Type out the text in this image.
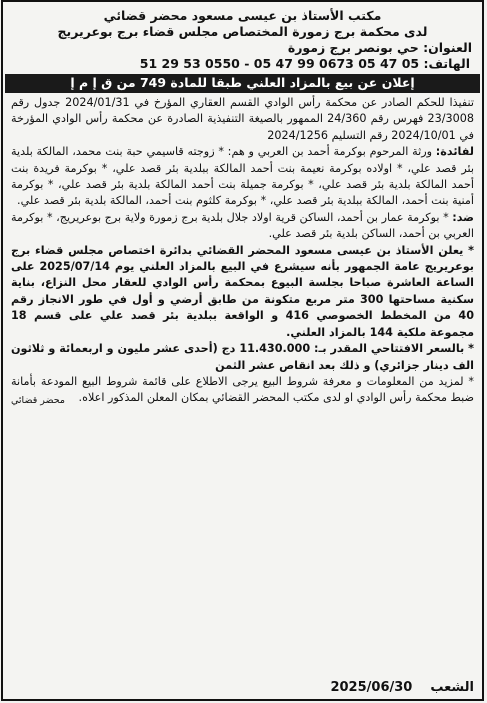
مكتب الأستاذ بن عيسى مسعود محضر قضائي
لدى محكمة برج زمورة المختصاص مجلس قضاء برج بوعريريج
العنوان: حي بونصر برج زمورة
الهاتف: 05 47 05 0673 99 47 05 - 0550 53 29 51
إعلان عن بيع بالمزاد العلني طبقا للمادة 749 من ق إ م إ

تنفيذا للحكم الصادر عن محكمة رأس الوادي القسم العقاري المؤرخ في 2024/01/31 جدول رقم 23/3008 فهرس رقم 24/360 الممهور بالصيغة التنفيذية الصادرة عن محكمة رأس الوادي المؤرخة في 2024/10/01 رقم التسليم 2024/1256

لفائدة: ورثة المرحوم بوكرمة أحمد بن العربي و هم: * زوجته قاسيمي حبة بنت محمد، المالكة بلدية بئر قصد علي، * اولاده بوكرمة نعيمة بنت أحمد المالكة ببلدية بئر قصد علي، * بوكرمة فريدة بنت أحمد المالكة بلدية بئر قصد علي، * بوكرمة جميلة بنت أحمد المالكة بلدية بئر قصد علي، * بوكرمة أمنية بنت أحمد، المالكة ببلدية بئر قصد علي، * بوكرمة كلثوم بنت أحمد، المالكة بلدية بئر قصد علي.

ضد: * بوكرمة عمار بن أحمد، الساكن قرية اولاد جلال بلدية برج زمورة ولاية برج بوعريريج، * بوكرمة العربي بن أحمد، الساكن بلدية بئر قصد علي.

* يعلن الأستاذ بن عيسى مسعود المحضر القضائي بدائرة اختصاص مجلس قضاء برج بوعريريج عامة الجمهور بأنه سيشرع في البيع بالمزاد العلني يوم 2025/07/14 على الساعة العاشرة صباحا بجلسة البيوع بمحكمة رأس الوادي للعقار محل النزاع، بناية سكنية مساحتها 300 متر مربع متكونة من طابق أرضي و أول في طور الانجاز رقم 40 من المخطط الخصوصي 416 و الواقعة ببلدية بئر قصد علي على قسم 18 مجموعة ملكية 144 بالمزاد العلني.

* بالسعر الافتتاحي المقدر بـ: 11.430.000 دج (أحدى عشر مليون و اربعمائة و ثلاثون الف دينار جزائري) و ذلك بعد انقاص عشر الثمن

* لمزيد من المعلومات و معرفة شروط البيع يرجى الاطلاع على قائمة شروط البيع المودعة بأمانة ضبط محكمة رأس الوادي او لدى مكتب المحضر القضائي بمكان المعلن المذكور اعلاه.

محضر قضائي
الشعب
2025/06/30
